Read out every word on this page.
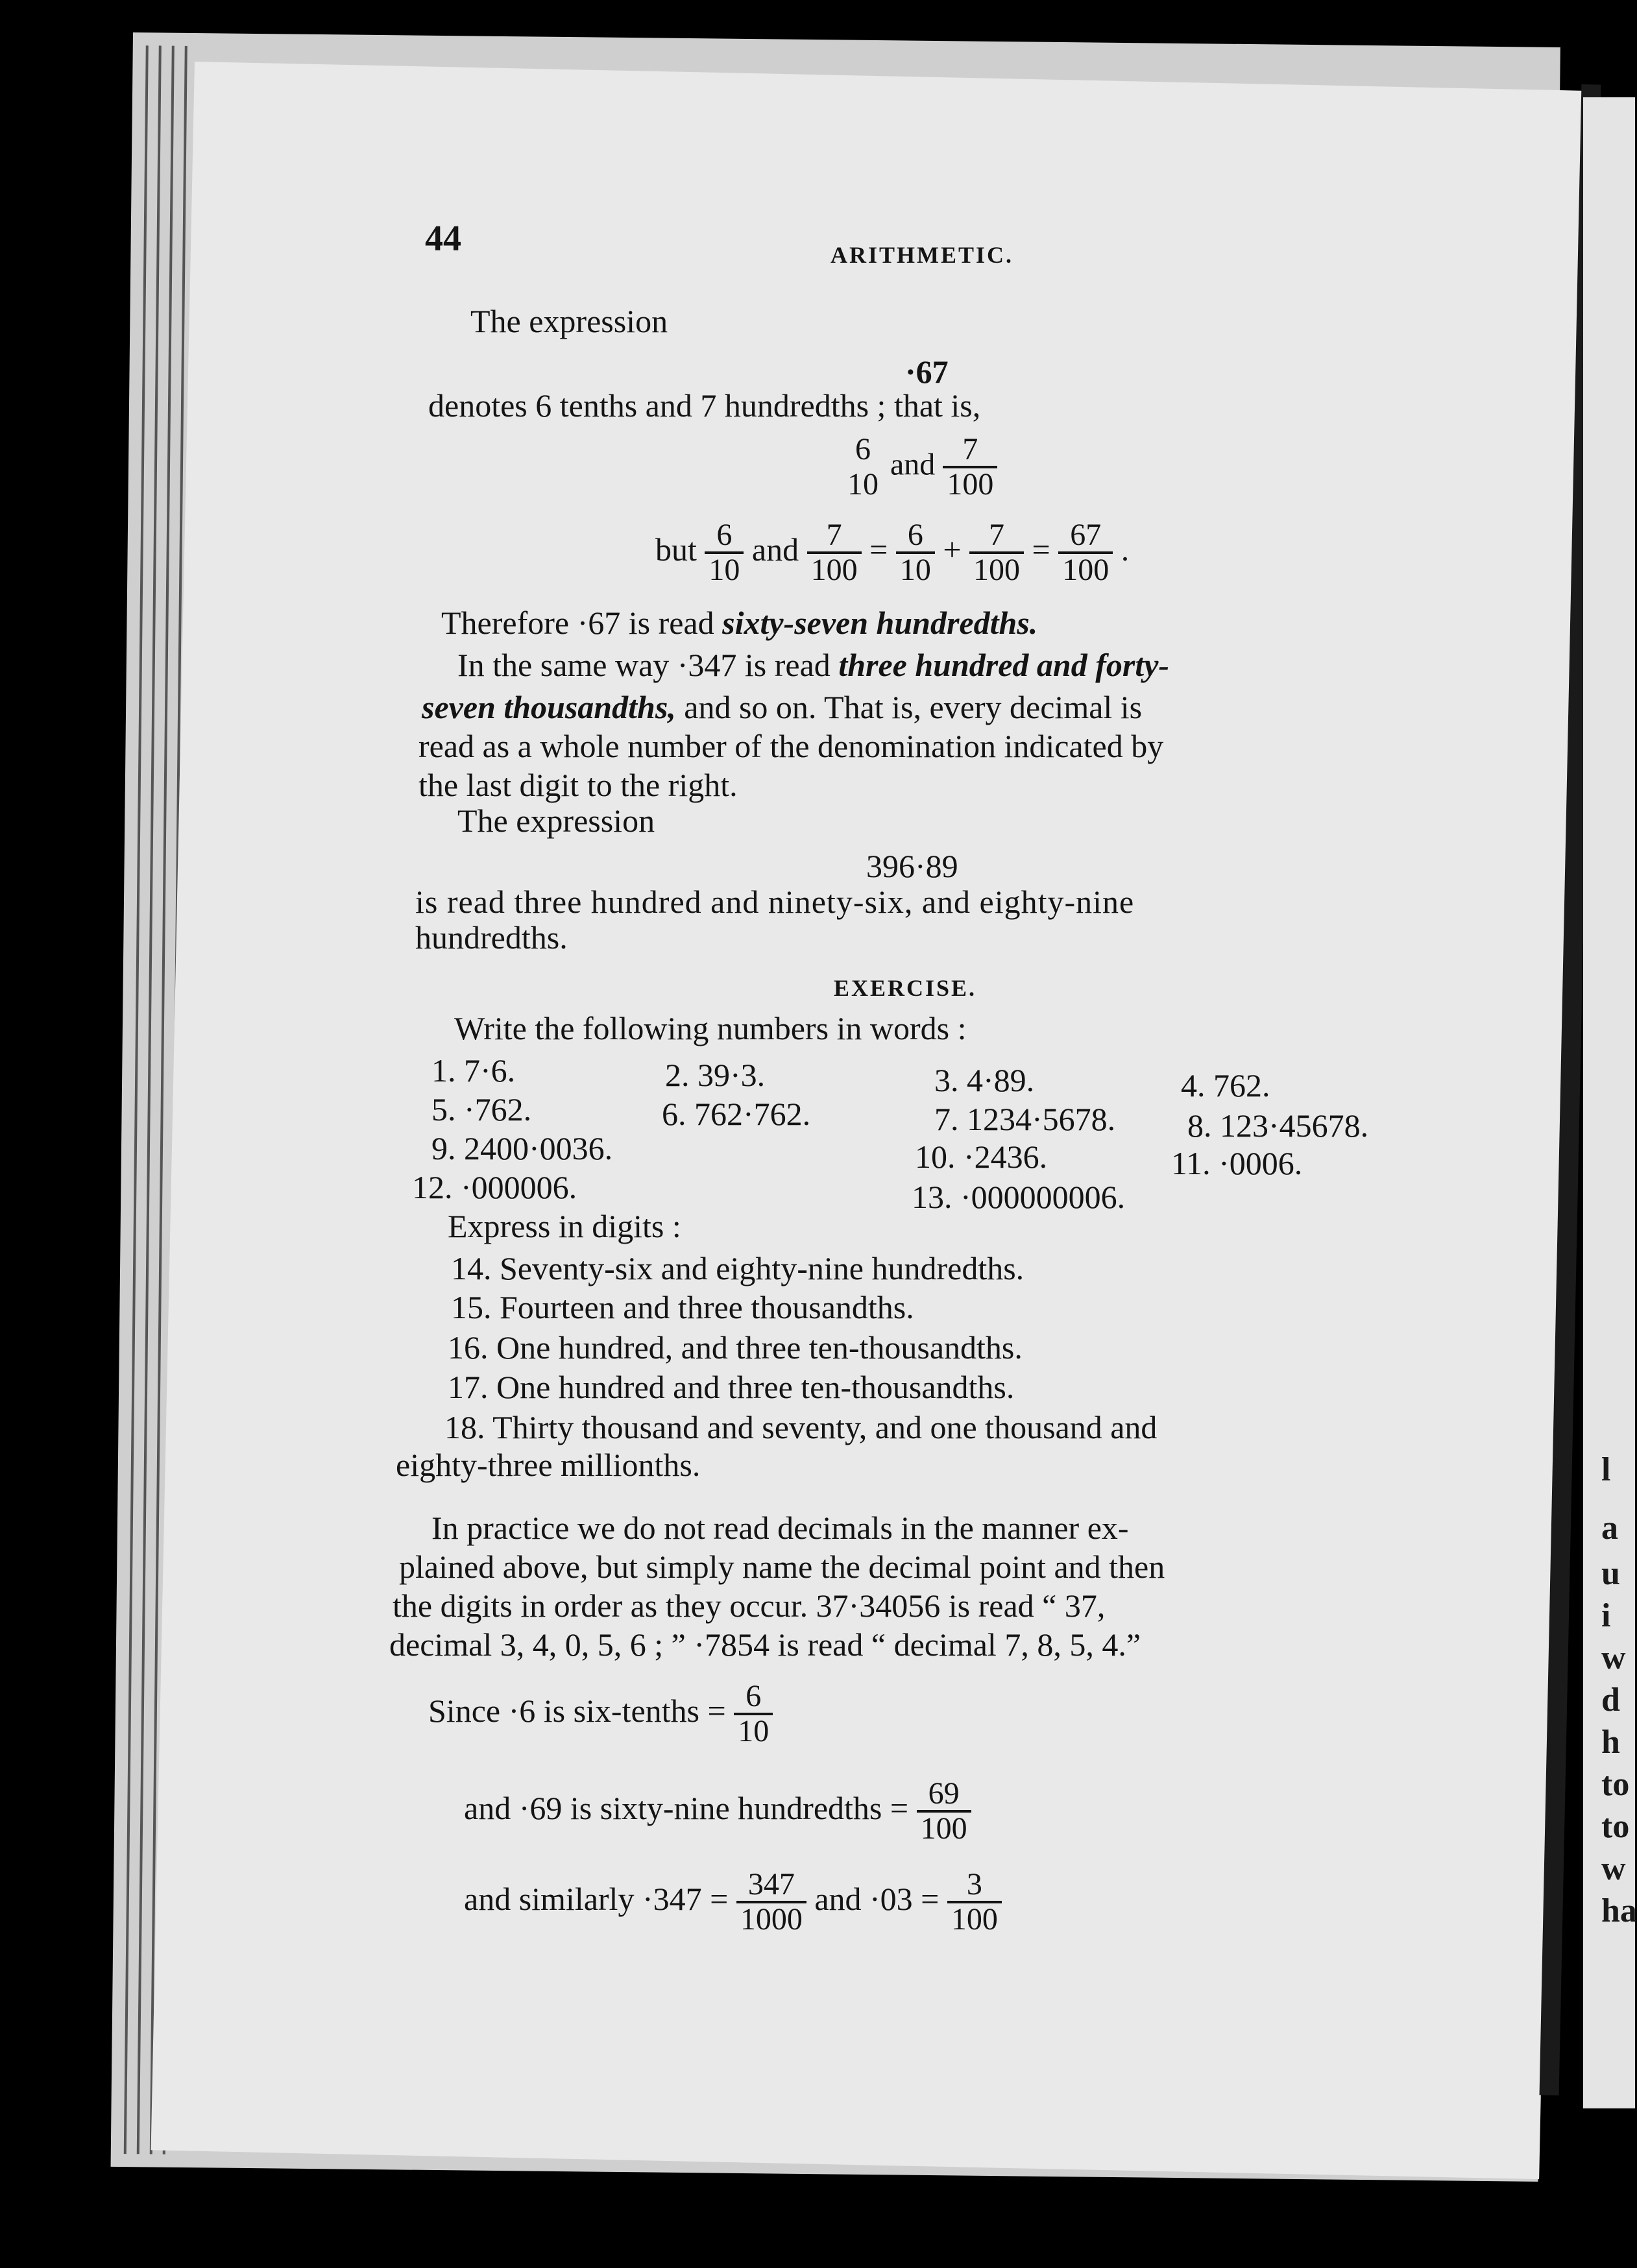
l
a
u
i
w
d
h
to
to
w
ha
44	ARITHMETIC.
The expression
·67
denotes 6 tenths and 7 hundredths ; that is,
6
10
and $\frac{7}{100}$
but $\frac{6}{10}$ and $\frac{7}{100} = \frac{6}{10} + \frac{7}{100} = \frac{67}{100}$ .
Therefore ·67 is read sixty-seven hundredths.
In the same way ·347 is read three hundred and forty-
seven thousandths, and so on. That is, every decimal is
read as a whole number of the denomination indicated by
the last digit to the right.
The expression
396·89
is read three hundred and ninety-six, and eighty-nine
hundredths.
EXERCISE.
Write the following numbers in words :
1. 7·6.	2. 39·3.	3. 4·89.	4. 762.
5. ·762.	6. 762·762.	7. 1234·5678. 8. 123·45678.
9. 2400·0036.	10. ·2436.	11. ·0006.
12. ·000006.	13. ·000000006.
Express in digits :
14. Seventy-six and eighty-nine hundredths.
15. Fourteen and three thousandths.
16. One hundred, and three ten-thousandths.
17. One hundred and three ten-thousandths.
18. Thirty thousand and seventy, and one thousand and
eighty-three millionths.
In practice we do not read decimals in the manner ex-
plained above, but simply name the decimal point and then
the digits in order as they occur. 37·34056 is read “ 37,
decimal 3, 4, 0, 5, 6 ; ” ·7854 is read “ decimal 7, 8, 5, 4.”
Since ·6 is six-tenths = $\frac{6}{10}$
and ·69 is sixty-nine hundredths = $\frac{69}{100}$
and similarly $\cdot 347 = \frac{347}{1000}$ and $\cdot 03 = \frac{3}{100}$
